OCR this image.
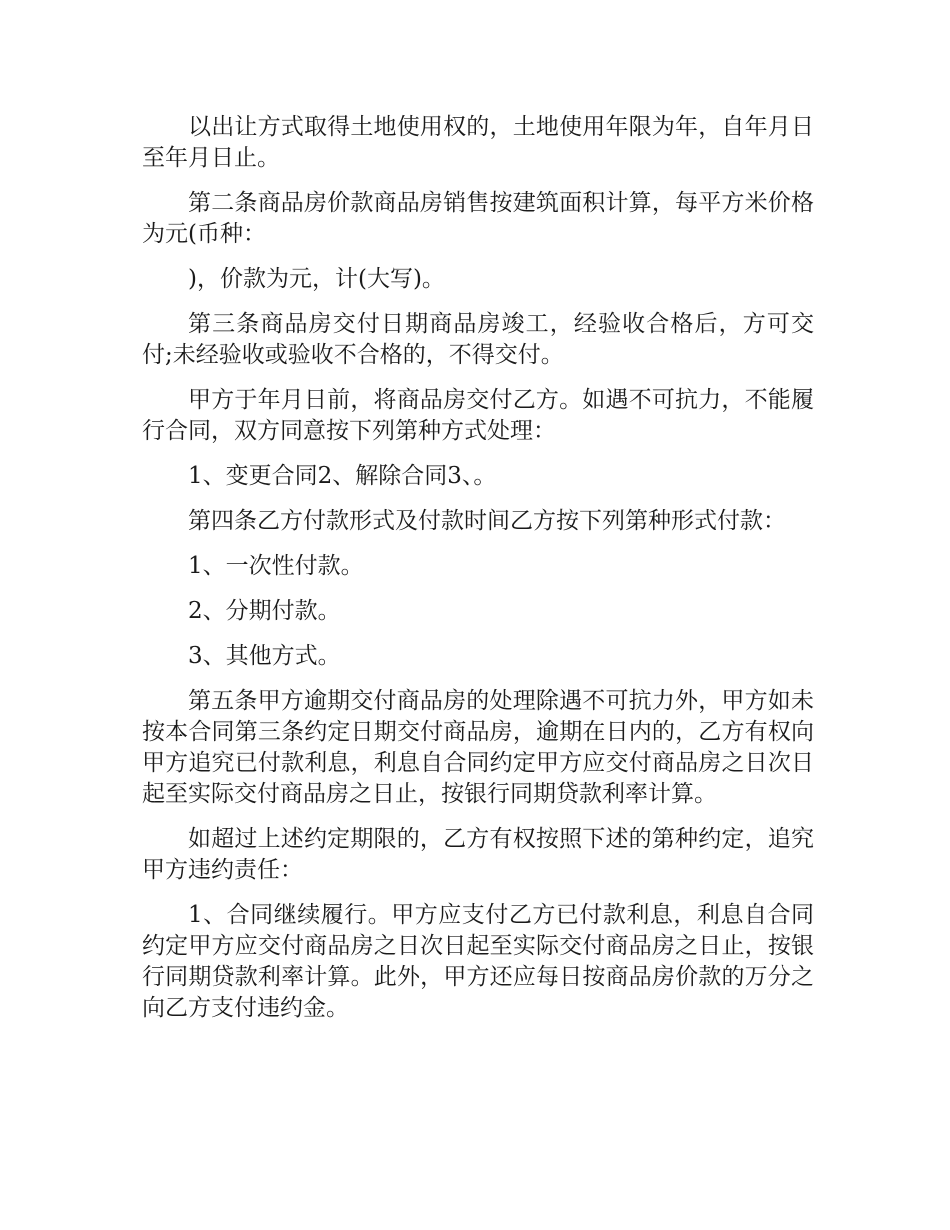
以出让方式取得土地使用权的，土地使用年限为年，自年月日至年月日止。

第二条商品房价款商品房销售按建筑面积计算，每平方米价格为元(币种：

)，价款为元，计(大写)。

第三条商品房交付日期商品房竣工，经验收合格后，方可交付;未经验收或验收不合格的，不得交付。

甲方于年月日前，将商品房交付乙方。如遇不可抗力，不能履行合同，双方同意按下列第种方式处理：

1、变更合同2、解除合同3、。

第四条乙方付款形式及付款时间乙方按下列第种形式付款：

1、一次性付款。

2、分期付款。

3、其他方式。

第五条甲方逾期交付商品房的处理除遇不可抗力外，甲方如未按本合同第三条约定日期交付商品房，逾期在日内的，乙方有权向甲方追究已付款利息，利息自合同约定甲方应交付商品房之日次日起至实际交付商品房之日止，按银行同期贷款利率计算。

如超过上述约定期限的，乙方有权按照下述的第种约定，追究甲方违约责任：

1、合同继续履行。甲方应支付乙方已付款利息，利息自合同约定甲方应交付商品房之日次日起至实际交付商品房之日止，按银行同期贷款利率计算。此外，甲方还应每日按商品房价款的万分之向乙方支付违约金。
